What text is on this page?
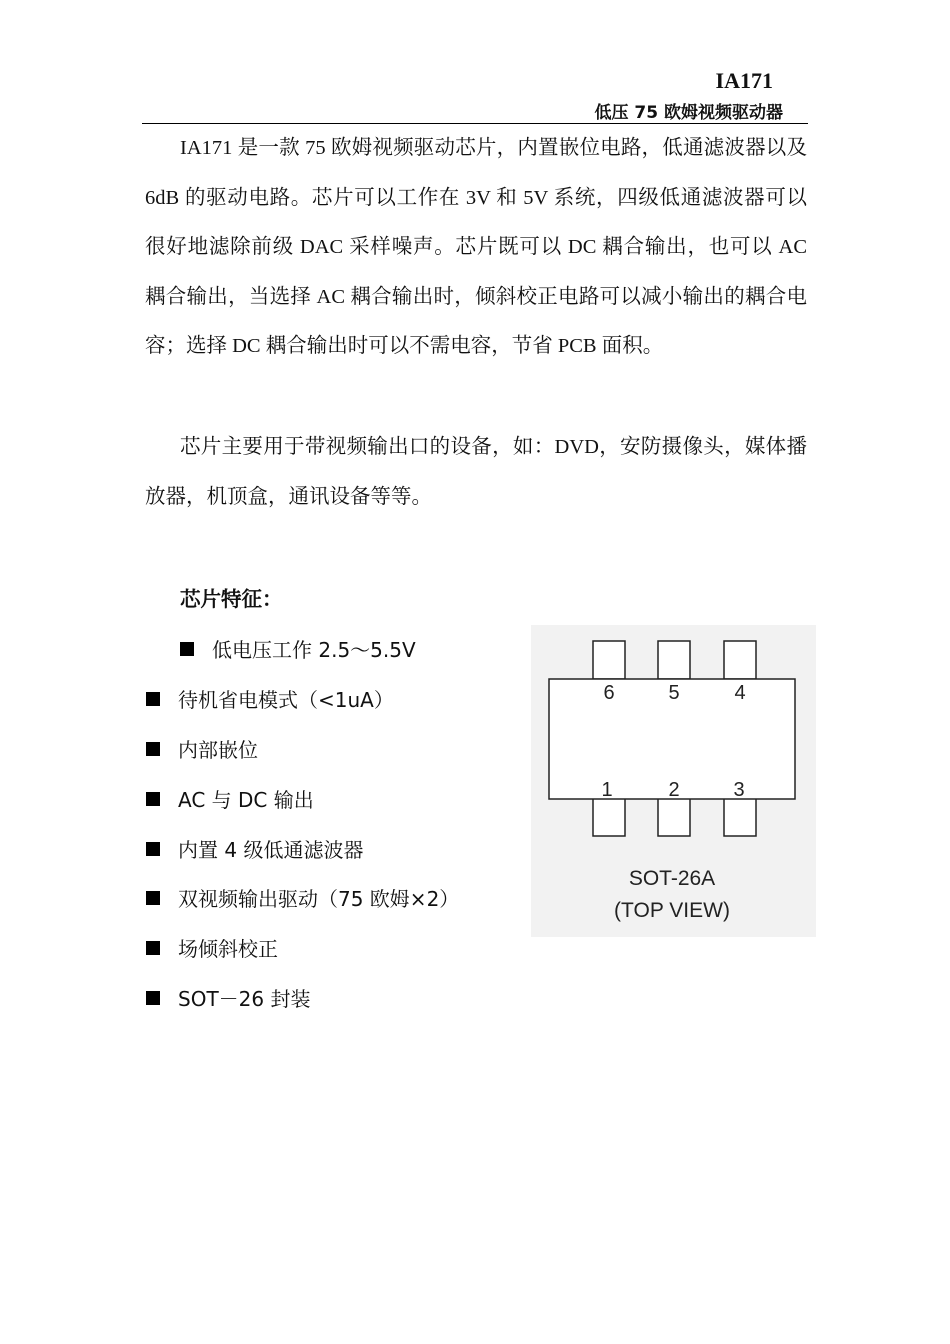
IA171
低压 75 欧姆视频驱动器

IA171 是一款 75 欧姆视频驱动芯片，内置嵌位电路，低通滤波器以及 6dB 的驱动电路。芯片可以工作在 3V 和 5V 系统，四级低通滤波器可以很好地滤除前级 DAC 采样噪声。芯片既可以 DC 耦合输出，也可以 AC 耦合输出，当选择 AC 耦合输出时，倾斜校正电路可以减小输出的耦合电容；选择 DC 耦合输出时可以不需电容，节省 PCB 面积。

芯片主要用于带视频输出口的设备，如：DVD，安防摄像头，媒体播放器，机顶盒，通讯设备等等。

芯片特征：
低电压工作 2.5～5.5V
待机省电模式（<1uA）
内部嵌位
AC 与 DC 输出
内置 4 级低通滤波器
双视频输出驱动（75 欧姆×2）
场倾斜校正
SOT－26 封装
6	5	4
1	2	3
SOT-26A
(TOP VIEW)
